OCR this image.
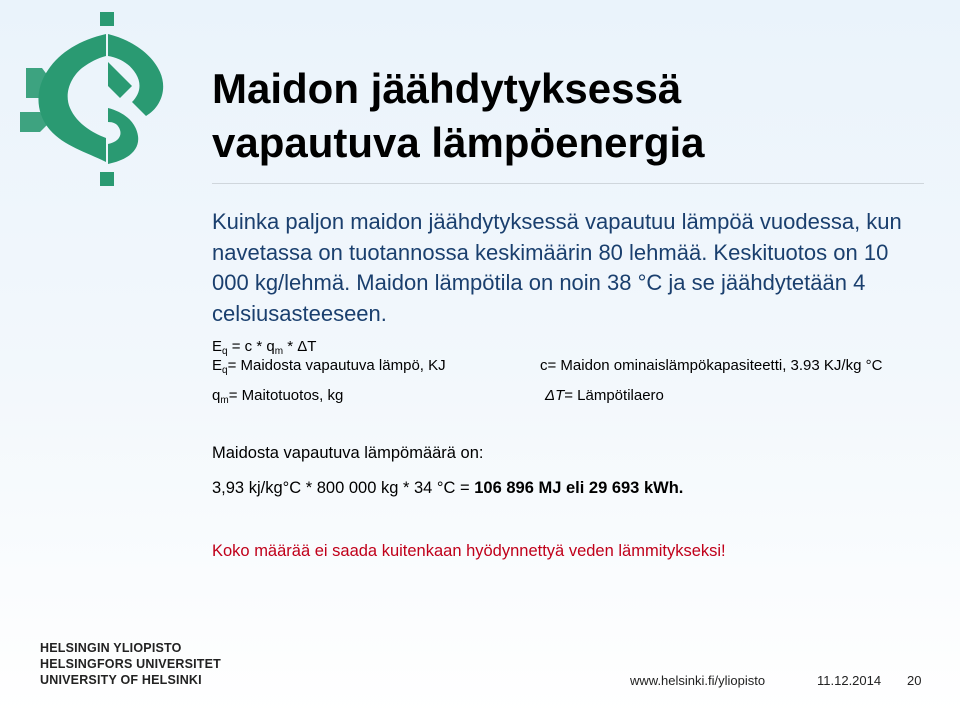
Maidon jäähdytyksessä
vapautuva lämpöenergia
Kuinka paljon maidon jäähdytyksessä vapautuu lämpöä vuodessa, kun navetassa on tuotannossa keskimäärin 80 lehmää. Keskituotos on 10 000 kg/lehmä. Maidon lämpötila on noin 38 °C ja se jäähdytetään 4 celsiusasteeseen.
$E_q = c * q_m * \Delta T$
$E_q=$ Maidosta vapautuva lämpö, KJ	c= Maidon ominaislämpökapasiteetti, 3.93 KJ/kg °C
$q_m=$ Maitotuotos, kg	ΔT= Lämpötilaero
Maidosta vapautuva lämpömäärä on:
3,93 kj/kg°C * 800 000 kg * 34 °C = 106 896 MJ eli 29 693 kWh.
Koko määrää ei saada kuitenkaan hyödynnettyä veden lämmitykseksi!
HELSINGIN YLIOPISTO
HELSINGFORS UNIVERSITET
UNIVERSITY OF HELSINKI	www.helsinki.fi/yliopisto	11.12.2014 20
